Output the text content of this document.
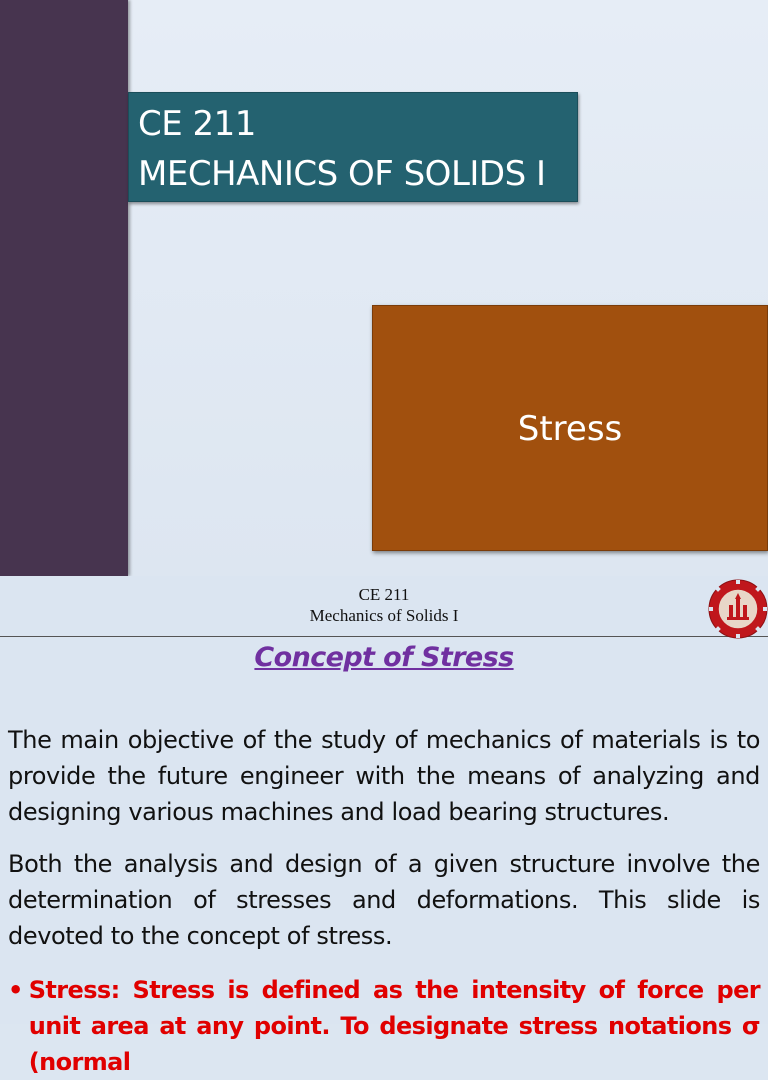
CE 211
MECHANICS OF SOLIDS I
Stress
CE 211
Mechanics of Solids I
Concept of Stress

The main objective of the study of mechanics of materials is to provide the future engineer with the means of analyzing and designing various machines and load bearing structures.

Both the analysis and design of a given structure involve the determination of stresses and deformations. This slide is devoted to the concept of stress.

• Stress: Stress is defined as the intensity of force per unit area at any point. To designate stress notations σ (normal
